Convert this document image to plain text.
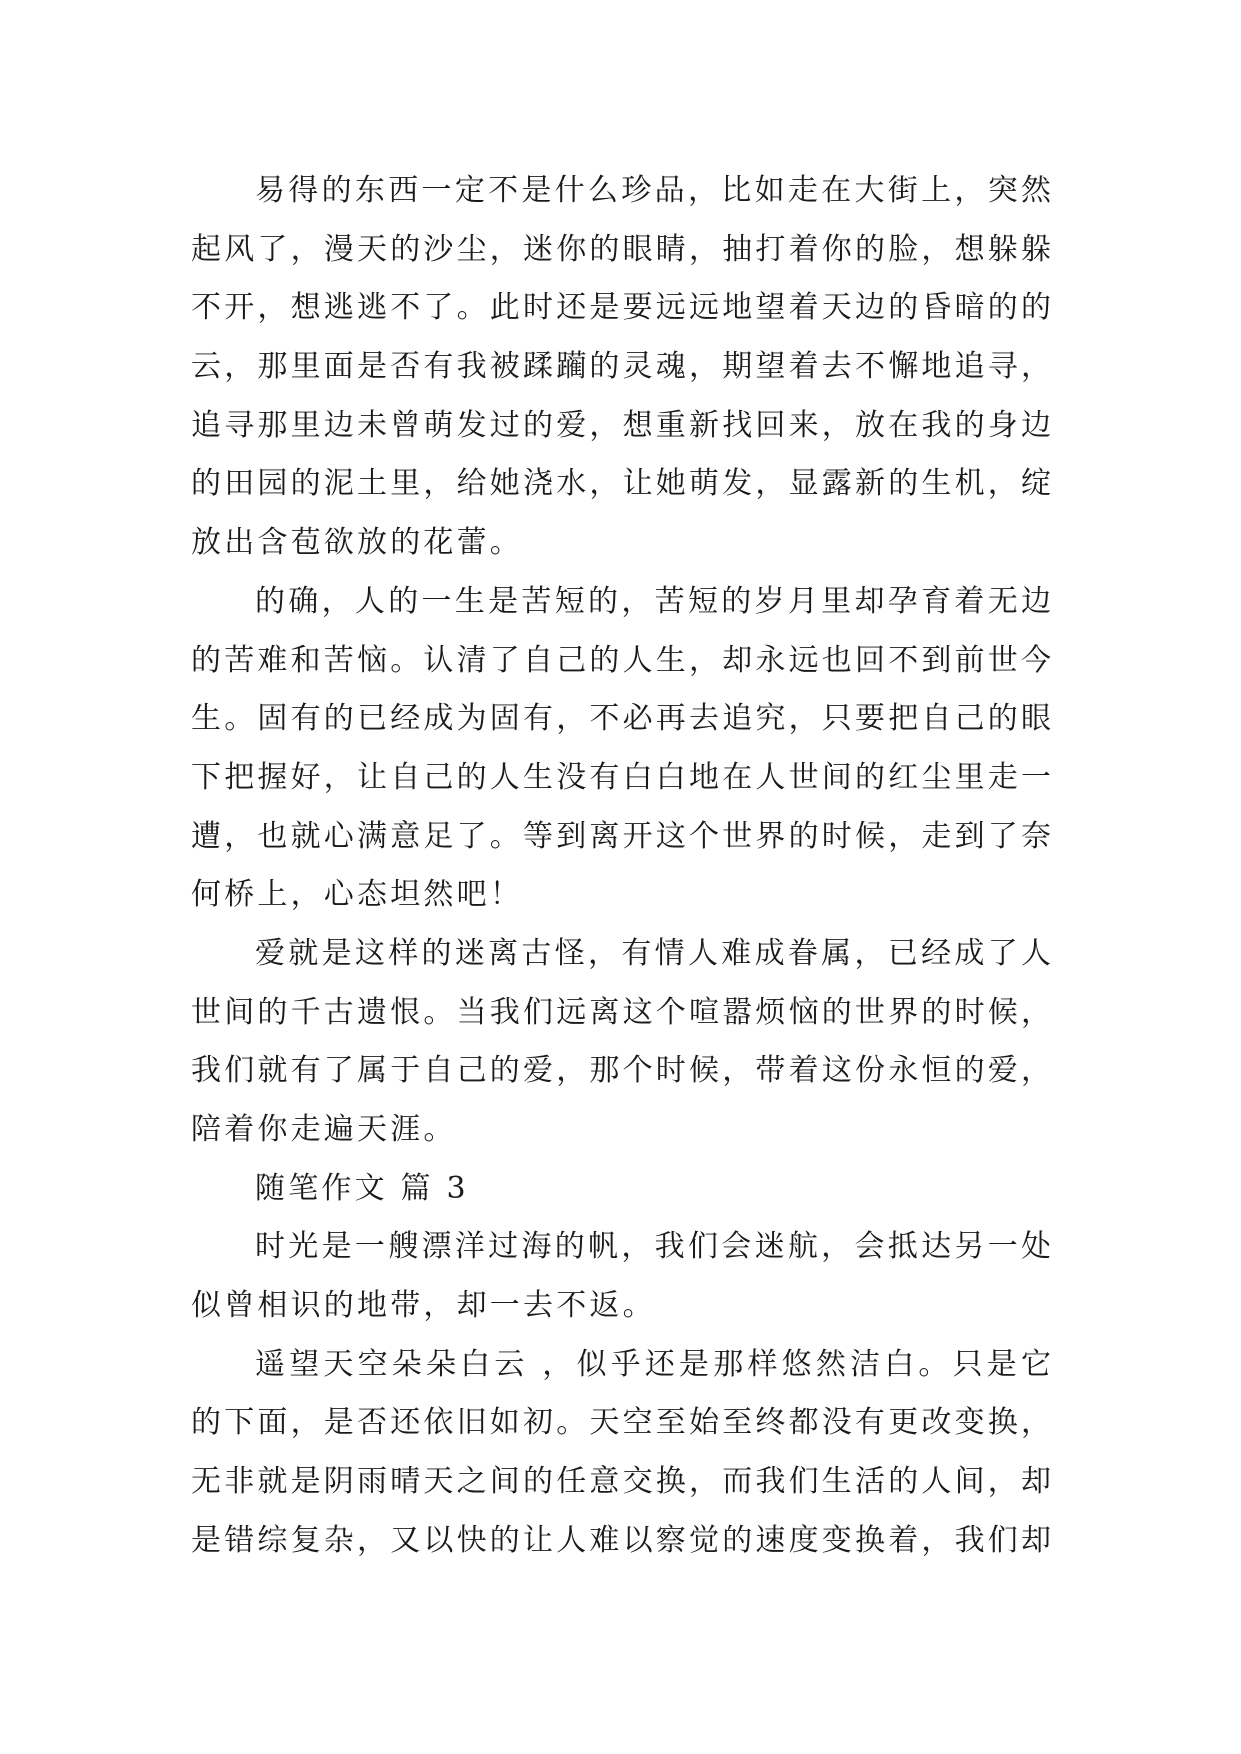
易得的东西一定不是什么珍品，比如走在大街上，突然
起风了，漫天的沙尘，迷你的眼睛，抽打着你的脸，想躲躲
不开，想逃逃不了。此时还是要远远地望着天边的昏暗的的
云，那里面是否有我被蹂躏的灵魂，期望着去不懈地追寻，
追寻那里边未曾萌发过的爱，想重新找回来，放在我的身边
的田园的泥土里，给她浇水，让她萌发，显露新的生机，绽
放出含苞欲放的花蕾。
的确，人的一生是苦短的，苦短的岁月里却孕育着无边
的苦难和苦恼。认清了自己的人生，却永远也回不到前世今
生。固有的已经成为固有，不必再去追究，只要把自己的眼
下把握好，让自己的人生没有白白地在人世间的红尘里走一
遭，也就心满意足了。等到离开这个世界的时候，走到了奈
何桥上，心态坦然吧！
爱就是这样的迷离古怪，有情人难成眷属，已经成了人
世间的千古遗恨。当我们远离这个喧嚣烦恼的世界的时候，
我们就有了属于自己的爱，那个时候，带着这份永恒的爱，
陪着你走遍天涯。
随笔作文 篇 3
时光是一艘漂洋过海的帆，我们会迷航，会抵达另一处
似曾相识的地带，却一去不返。
遥望天空朵朵白云 ，似乎还是那样悠然洁白。只是它
的下面，是否还依旧如初。天空至始至终都没有更改变换，
无非就是阴雨晴天之间的任意交换，而我们生活的人间，却
是错综复杂，又以快的让人难以察觉的速度变换着，我们却
